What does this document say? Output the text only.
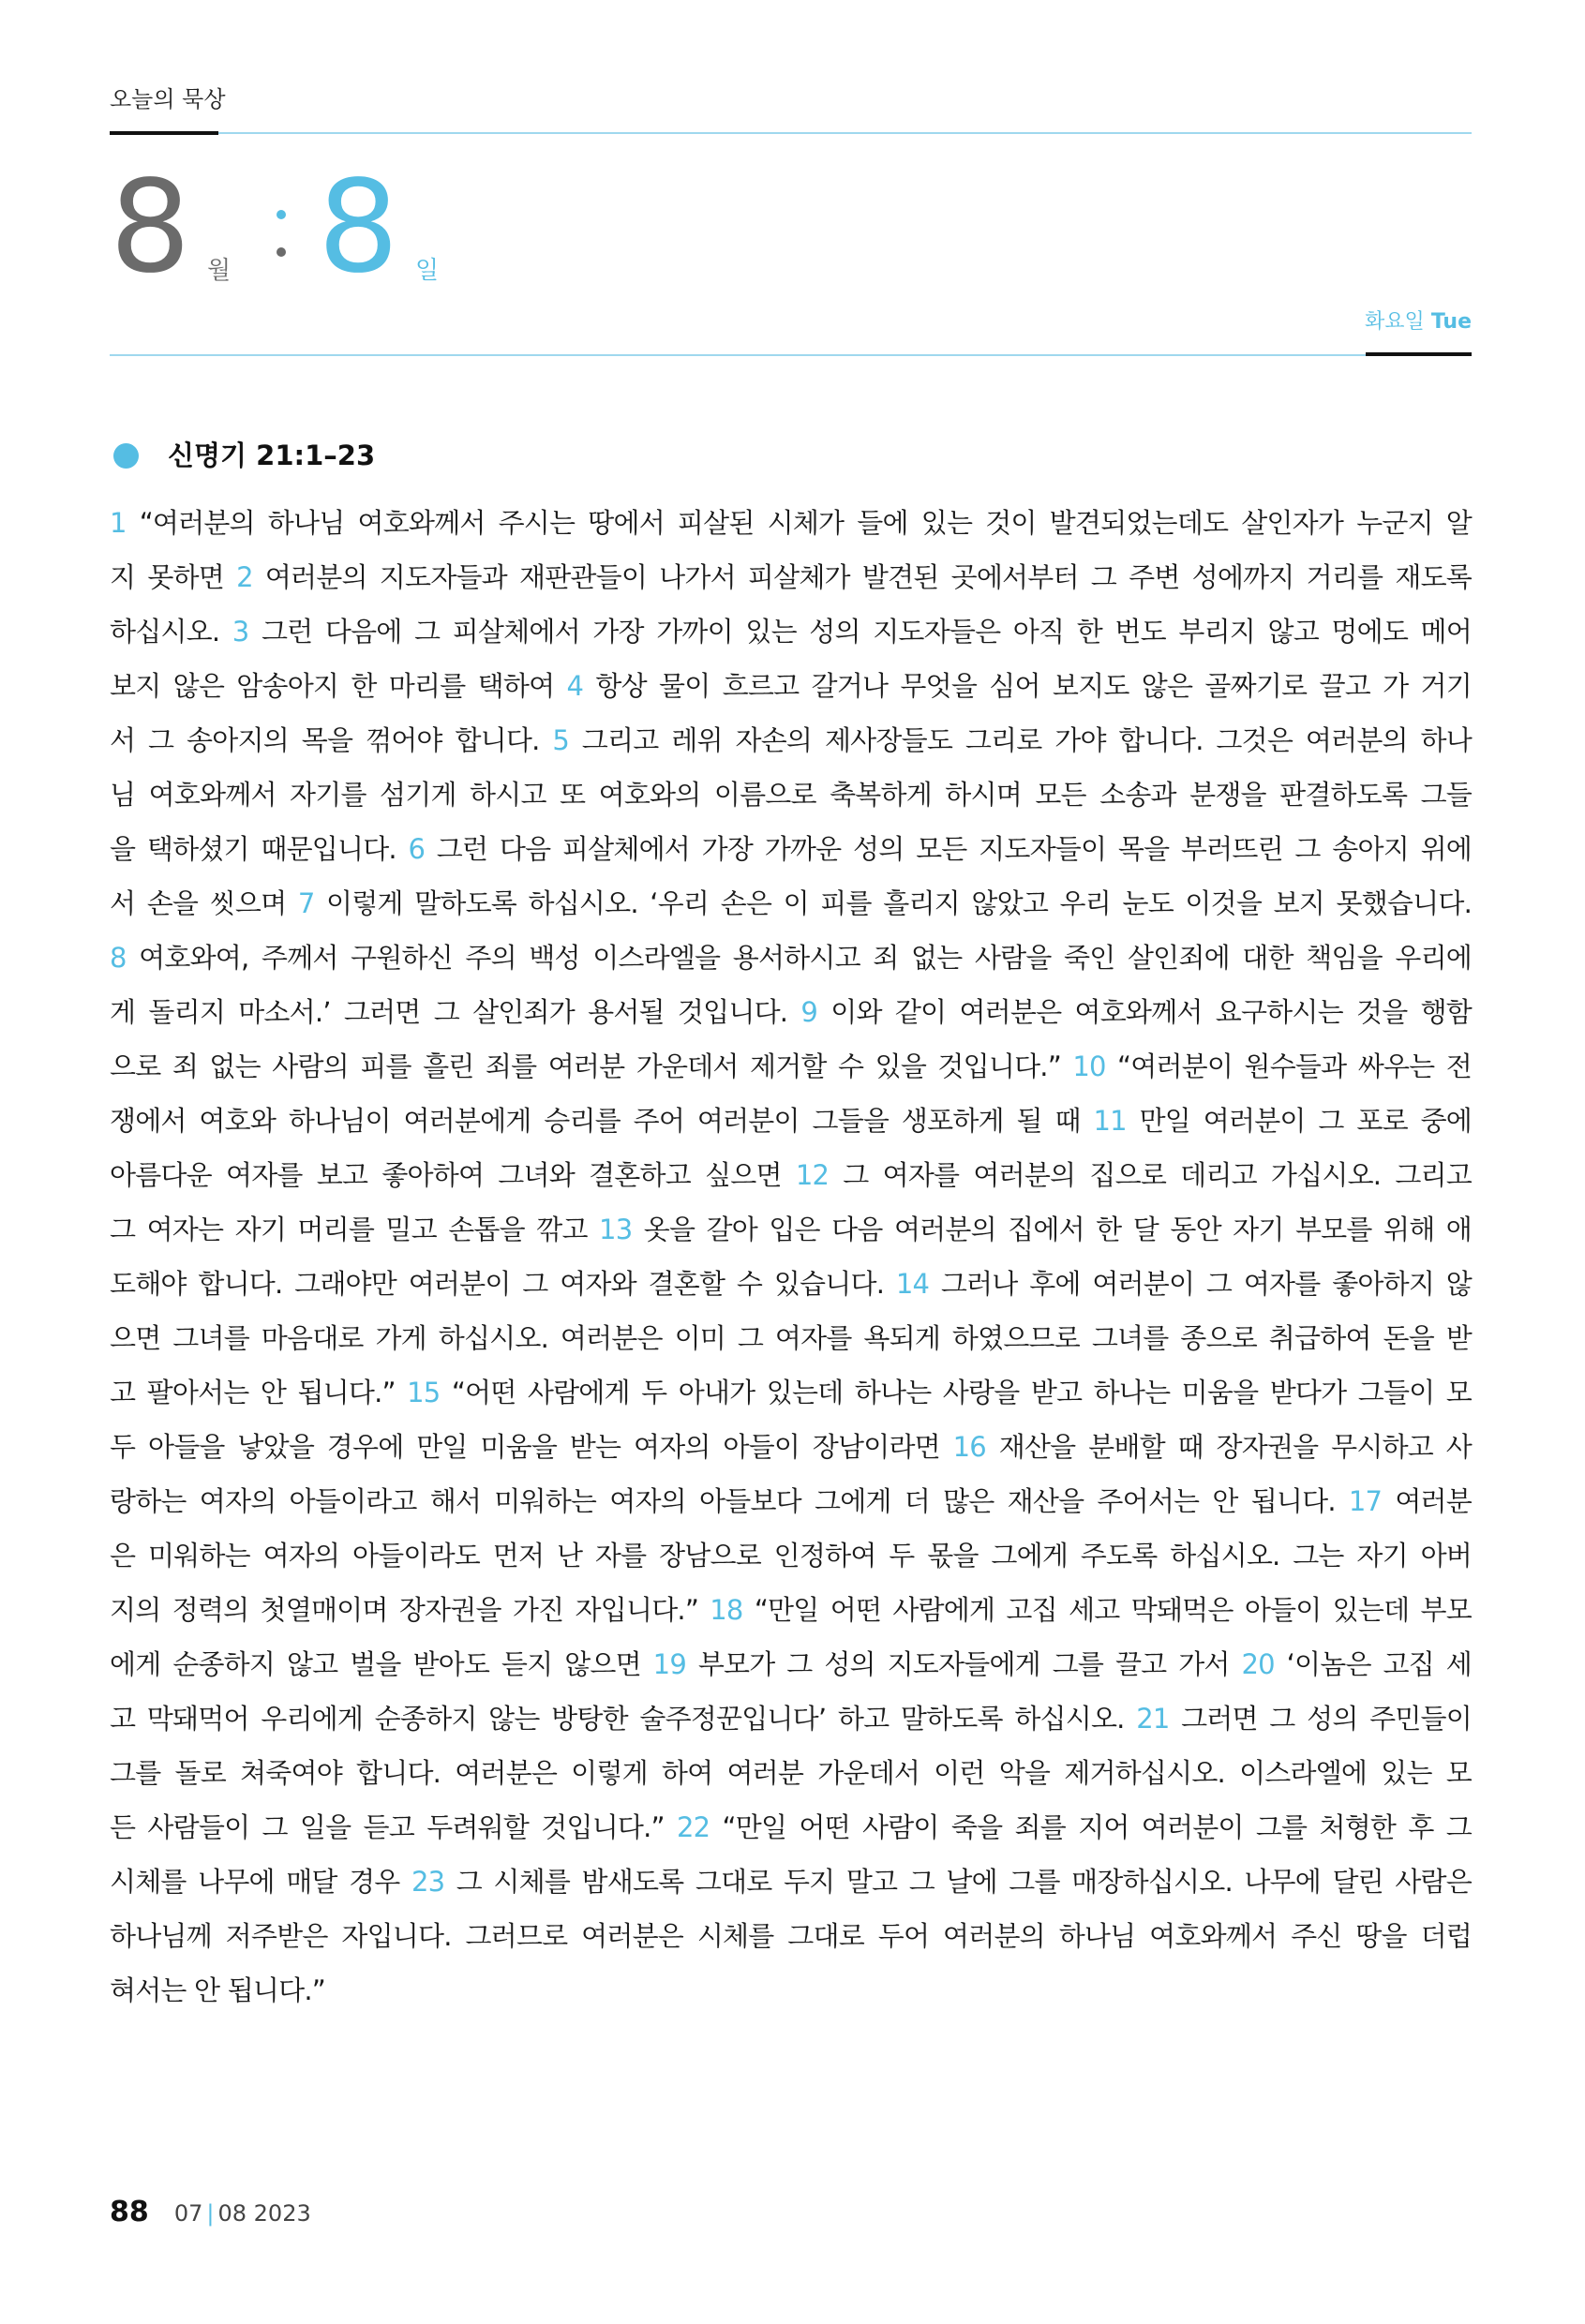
오늘의 묵상
8 월 8 일
화요일 Tue
신명기 21:1–23
1 “여러분의 하나님 여호와께서 주시는 땅에서 피살된 시체가 들에 있는 것이 발견되었는데도 살인자가 누군지 알
지 못하면 2 여러분의 지도자들과 재판관들이 나가서 피살체가 발견된 곳에서부터 그 주변 성에까지 거리를 재도록
하십시오. 3 그런 다음에 그 피살체에서 가장 가까이 있는 성의 지도자들은 아직 한 번도 부리지 않고 멍에도 메어
보지 않은 암송아지 한 마리를 택하여 4 항상 물이 흐르고 갈거나 무엇을 심어 보지도 않은 골짜기로 끌고 가 거기
서 그 송아지의 목을 꺾어야 합니다. 5 그리고 레위 자손의 제사장들도 그리로 가야 합니다. 그것은 여러분의 하나
님 여호와께서 자기를 섬기게 하시고 또 여호와의 이름으로 축복하게 하시며 모든 소송과 분쟁을 판결하도록 그들
을 택하셨기 때문입니다. 6 그런 다음 피살체에서 가장 가까운 성의 모든 지도자들이 목을 부러뜨린 그 송아지 위에
서 손을 씻으며 7 이렇게 말하도록 하십시오. ‘우리 손은 이 피를 흘리지 않았고 우리 눈도 이것을 보지 못했습니다.
8 여호와여, 주께서 구원하신 주의 백성 이스라엘을 용서하시고 죄 없는 사람을 죽인 살인죄에 대한 책임을 우리에
게 돌리지 마소서.’ 그러면 그 살인죄가 용서될 것입니다. 9 이와 같이 여러분은 여호와께서 요구하시는 것을 행함
으로 죄 없는 사람의 피를 흘린 죄를 여러분 가운데서 제거할 수 있을 것입니다.” 10 “여러분이 원수들과 싸우는 전
쟁에서 여호와 하나님이 여러분에게 승리를 주어 여러분이 그들을 생포하게 될 때 11 만일 여러분이 그 포로 중에
아름다운 여자를 보고 좋아하여 그녀와 결혼하고 싶으면 12 그 여자를 여러분의 집으로 데리고 가십시오. 그리고
그 여자는 자기 머리를 밀고 손톱을 깎고 13 옷을 갈아 입은 다음 여러분의 집에서 한 달 동안 자기 부모를 위해 애
도해야 합니다. 그래야만 여러분이 그 여자와 결혼할 수 있습니다. 14 그러나 후에 여러분이 그 여자를 좋아하지 않
으면 그녀를 마음대로 가게 하십시오. 여러분은 이미 그 여자를 욕되게 하였으므로 그녀를 종으로 취급하여 돈을 받
고 팔아서는 안 됩니다.” 15 “어떤 사람에게 두 아내가 있는데 하나는 사랑을 받고 하나는 미움을 받다가 그들이 모
두 아들을 낳았을 경우에 만일 미움을 받는 여자의 아들이 장남이라면 16 재산을 분배할 때 장자권을 무시하고 사
랑하는 여자의 아들이라고 해서 미워하는 여자의 아들보다 그에게 더 많은 재산을 주어서는 안 됩니다. 17 여러분
은 미워하는 여자의 아들이라도 먼저 난 자를 장남으로 인정하여 두 몫을 그에게 주도록 하십시오. 그는 자기 아버
지의 정력의 첫열매이며 장자권을 가진 자입니다.” 18 “만일 어떤 사람에게 고집 세고 막돼먹은 아들이 있는데 부모
에게 순종하지 않고 벌을 받아도 듣지 않으면 19 부모가 그 성의 지도자들에게 그를 끌고 가서 20 ‘이놈은 고집 세
고 막돼먹어 우리에게 순종하지 않는 방탕한 술주정꾼입니다’ 하고 말하도록 하십시오. 21 그러면 그 성의 주민들이
그를 돌로 쳐죽여야 합니다. 여러분은 이렇게 하여 여러분 가운데서 이런 악을 제거하십시오. 이스라엘에 있는 모
든 사람들이 그 일을 듣고 두려워할 것입니다.” 22 “만일 어떤 사람이 죽을 죄를 지어 여러분이 그를 처형한 후 그
시체를 나무에 매달 경우 23 그 시체를 밤새도록 그대로 두지 말고 그 날에 그를 매장하십시오. 나무에 달린 사람은
하나님께 저주받은 자입니다. 그러므로 여러분은 시체를 그대로 두어 여러분의 하나님 여호와께서 주신 땅을 더럽
혀서는 안 됩니다.”
88 07 | 08 2023
